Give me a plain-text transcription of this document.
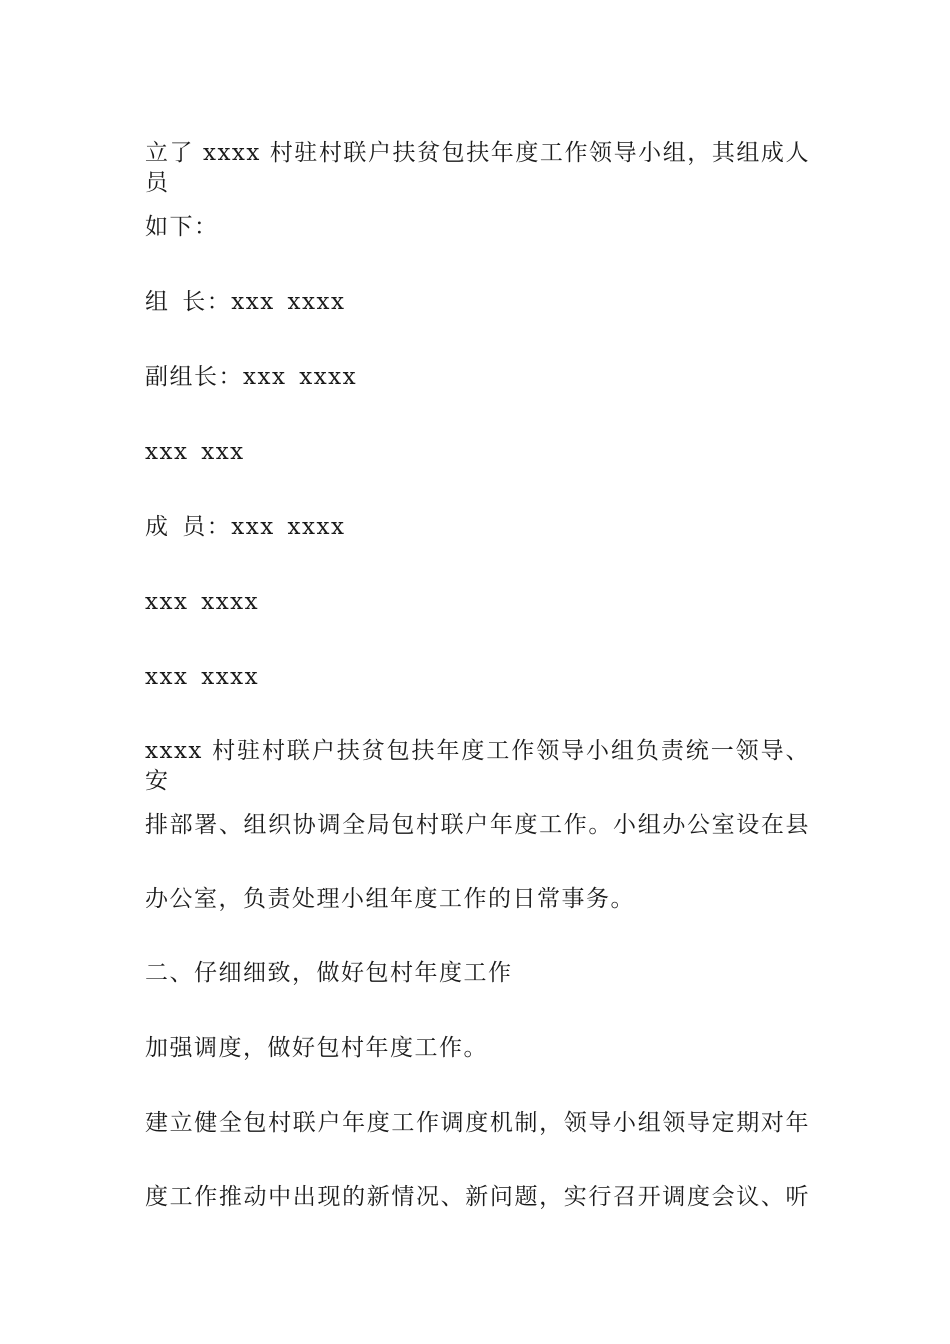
立了 xxxx 村驻村联户扶贫包扶年度工作领导小组，其组成人员
如下：
组 长：xxx xxxx
副组长：xxx xxxx
xxx xxx
成 员：xxx xxxx
xxx xxxx
xxx xxxx
xxxx 村驻村联户扶贫包扶年度工作领导小组负责统一领导、安
排部署、组织协调全局包村联户年度工作。小组办公室设在县
办公室，负责处理小组年度工作的日常事务。
二、仔细细致，做好包村年度工作
加强调度，做好包村年度工作。
建立健全包村联户年度工作调度机制，领导小组领导定期对年
度工作推动中出现的新情况、新问题，实行召开调度会议、听
